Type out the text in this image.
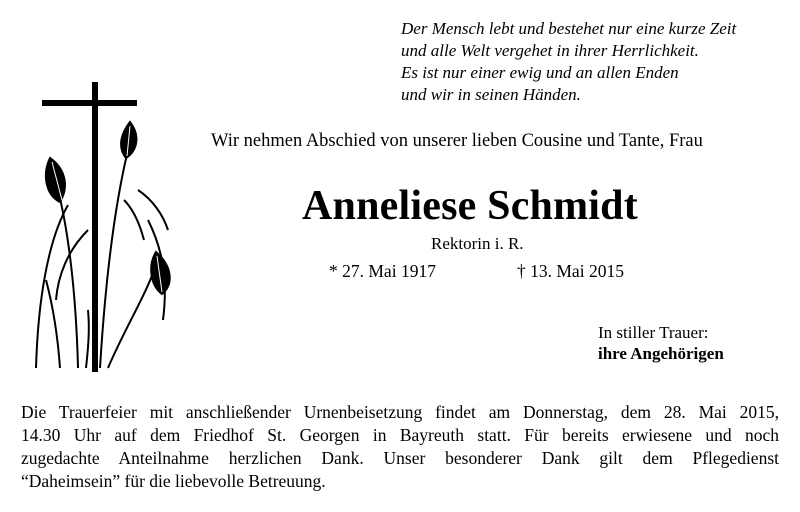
Der Mensch lebt und bestehet nur eine kurze Zeit
und alle Welt vergehet in ihrer Herrlichkeit.
Es ist nur einer ewig und an allen Enden
und wir in seinen Händen.
Wir nehmen Abschied von unserer lieben Cousine und Tante, Frau
Anneliese Schmidt
Rektorin i. R.
* 27. Mai 1917	† 13. Mai 2015
In stiller Trauer:
ihre Angehörigen
Die Trauerfeier mit anschließender Urnenbeisetzung findet am Donnerstag, dem 28. Mai 2015,
14.30 Uhr auf dem Friedhof St. Georgen in Bayreuth statt. Für bereits erwiesene und noch
zugedachte Anteilnahme herzlichen Dank. Unser besonderer Dank gilt dem Pflegedienst
“Daheimsein” für die liebevolle Betreuung.
